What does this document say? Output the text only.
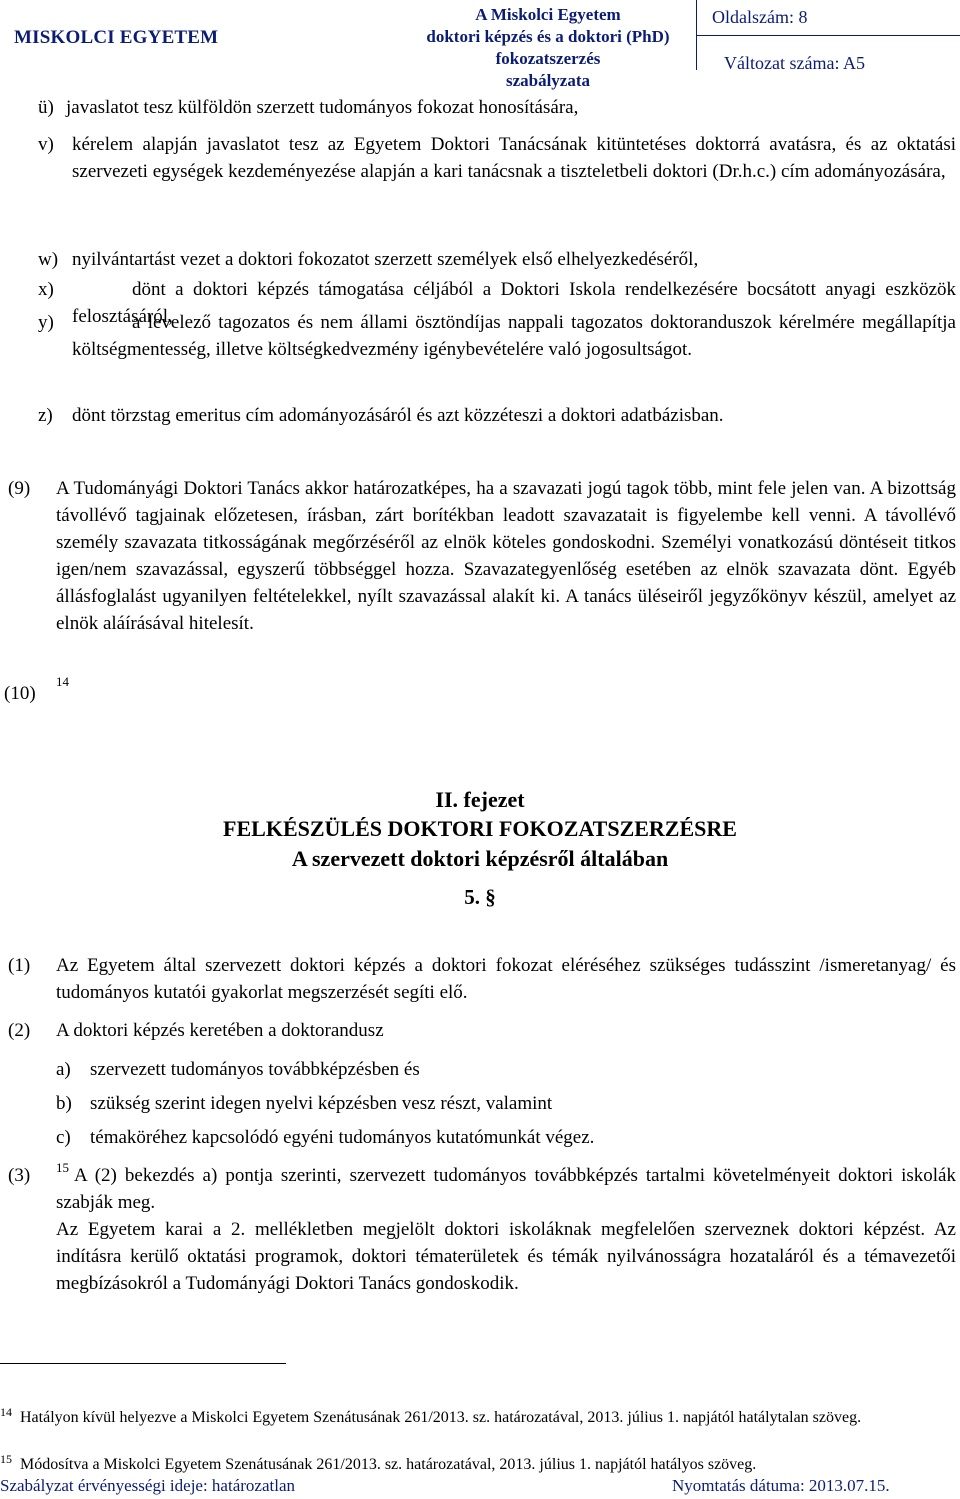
MISKOLCI EGYETEM
A Miskolci Egyetem
doktori képzés és a doktori (PhD) fokozatszerzés
szabályzata
Oldalszám: 8
Változat száma: A5
ü) javaslatot tesz külföldön szerzett tudományos fokozat honosítására,
v) kérelem alapján javaslatot tesz az Egyetem Doktori Tanácsának kitüntetéses doktorrá avatásra, és az oktatási szervezeti egységek kezdeményezése alapján a kari tanácsnak a tiszteletbeli doktori (Dr.h.c.) cím adományozására,
w) nyilvántartást vezet a doktori fokozatot szerzett személyek első elhelyezkedéséről,
x)	dönt a doktori képzés támogatása céljából a Doktori Iskola rendelkezésére bocsátott anyagi eszközök felosztásáról,
y)	a levelező tagozatos és nem állami ösztöndíjas nappali tagozatos doktoranduszok kérelmére megállapítja költségmentesség, illetve költségkedvezmény igénybevételére való jogosultságot.
z) dönt törzstag emeritus cím adományozásáról és azt közzéteszi a doktori adatbázisban.
(9) A Tudományági Doktori Tanács akkor határozatképes, ha a szavazati jogú tagok több, mint fele jelen van. A bizottság távollévő tagjainak előzetesen, írásban, zárt borítékban leadott szavazatait is figyelembe kell venni. A távollévő személy szavazata titkosságának megőrzéséről az elnök köteles gondoskodni. Személyi vonatkozású döntéseit titkos igen/nem szavazással, egyszerű többséggel hozza. Szavazategyenlőség esetében az elnök szavazata dönt. Egyéb állásfoglalást ugyanilyen feltételekkel, nyílt szavazással alakít ki. A tanács üléseiről jegyzőkönyv készül, amelyet az elnök aláírásával hitelesít.
(10)
14
II. fejezet
FELKÉSZÜLÉS DOKTORI FOKOZATSZERZÉSRE
A szervezett doktori képzésről általában
5. §
(1) Az Egyetem által szervezett doktori képzés a doktori fokozat eléréséhez szükséges tudásszint /ismeretanyag/ és tudományos kutatói gyakorlat megszerzését segíti elő.
(2) A doktori képzés keretében a doktorandusz
a) szervezett tudományos továbbképzésben és
b) szükség szerint idegen nyelvi képzésben vesz részt, valamint
c) témaköréhez kapcsolódó egyéni tudományos kutatómunkát végez.
(3) 15 A (2) bekezdés a) pontja szerinti, szervezett tudományos továbbképzés tartalmi követelményeit doktori iskolák szabják meg.
Az Egyetem karai a 2. mellékletben megjelölt doktori iskoláknak megfelelően szerveznek doktori képzést. Az indításra kerülő oktatási programok, doktori tématerületek és témák nyilvánosságra hozataláról és a témavezetői megbízásokról a Tudományági Doktori Tanács gondoskodik.
14 Hatályon kívül helyezve a Miskolci Egyetem Szenátusának 261/2013. sz. határozatával, 2013. július 1. napjától hatálytalan szöveg.
15 Módosítva a Miskolci Egyetem Szenátusának 261/2013. sz. határozatával, 2013. július 1. napjától hatályos szöveg.
Szabályzat érvényességi ideje: határozatlan	Nyomtatás dátuma: 2013.07.15.
